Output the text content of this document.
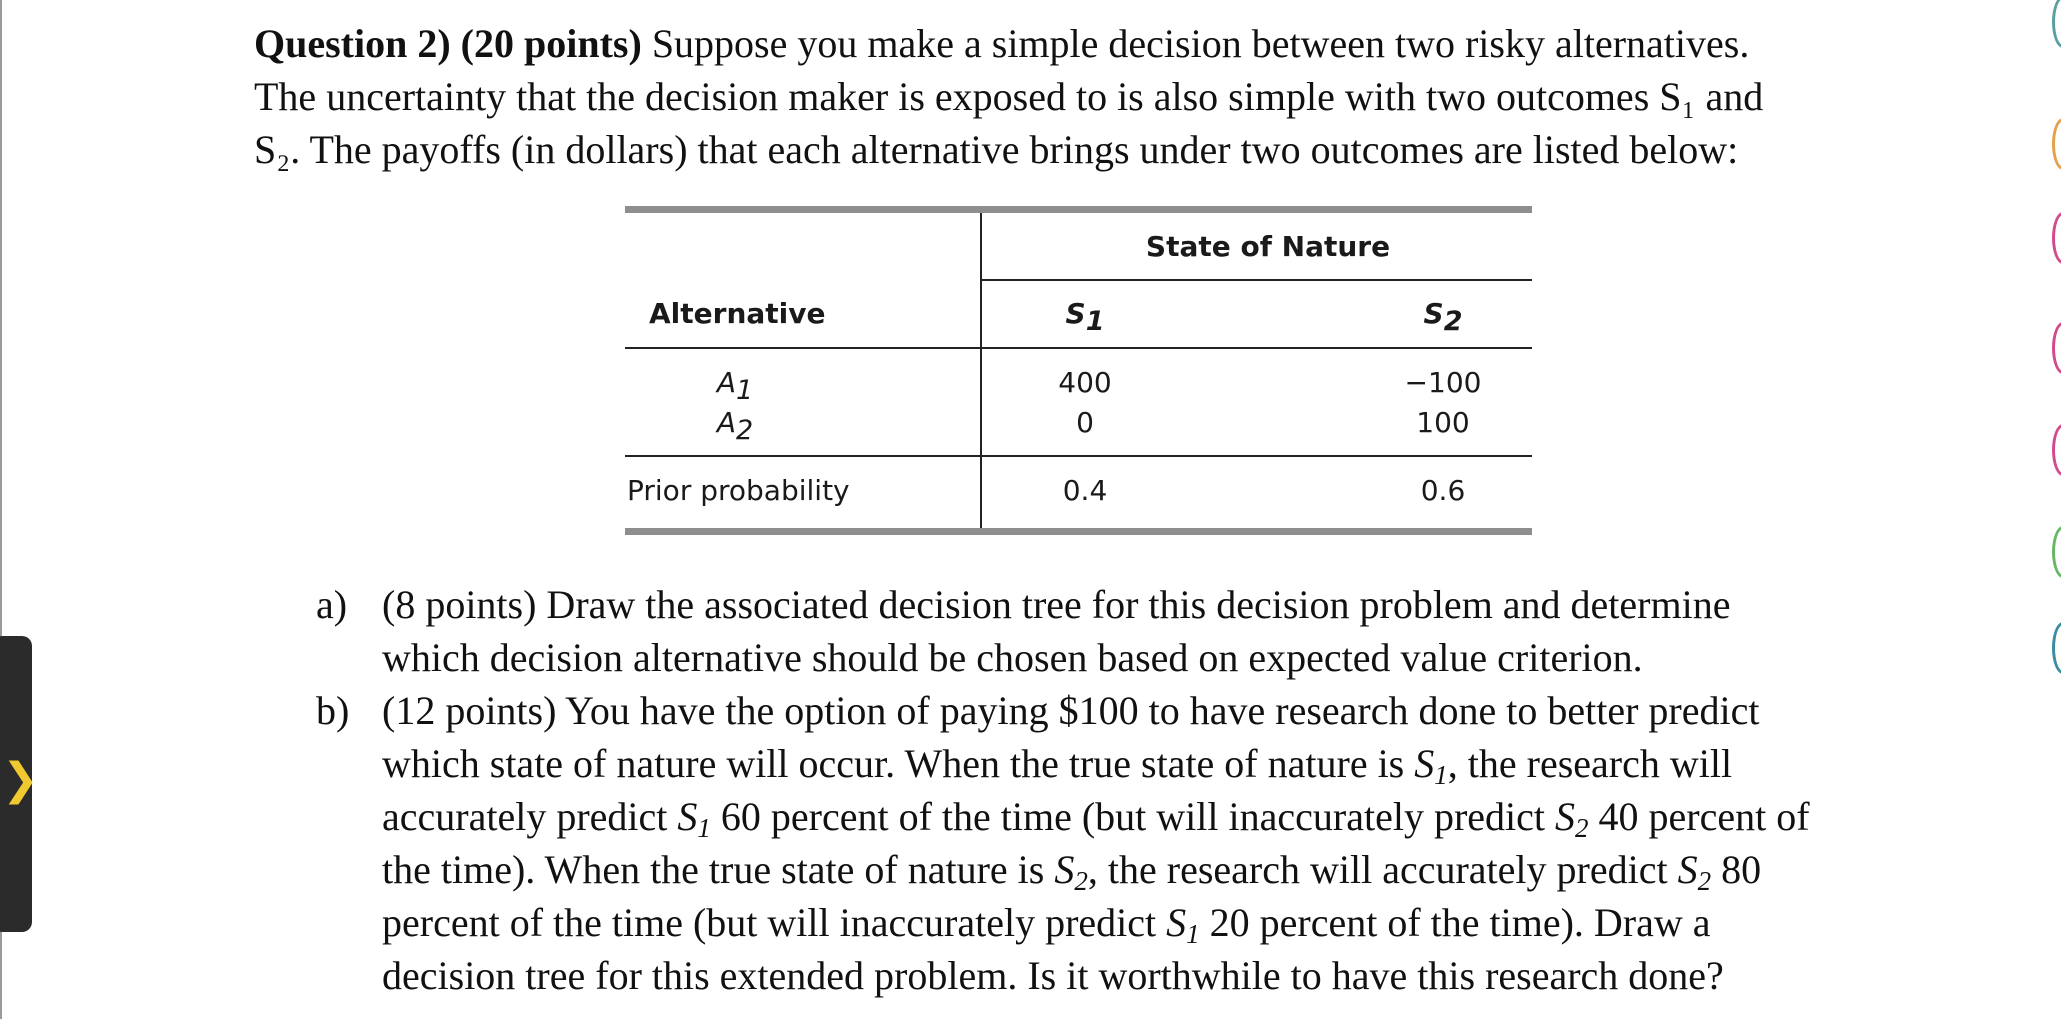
❯
Question 2) (20 points) Suppose you make a simple decision between two risky alternatives.
The uncertainty that the decision maker is exposed to is also simple with two outcomes S₁ and
S₂. The payoffs (in dollars) that each alternative brings under two outcomes are listed below:
State of Nature
Alternative	S1	S2
A1	400	−100
A2	0	100
Prior probability	0.4	0.6
a) (8 points) Draw the associated decision tree for this decision problem and determine
which decision alternative should be chosen based on expected value criterion.
b) (12 points) You have the option of paying $100 to have research done to better predict
which state of nature will occur. When the true state of nature is $S_1$, the research will
accurately predict $S_1$ 60 percent of the time (but will inaccurately predict $S_2$ 40 percent of
the time). When the true state of nature is $S_2$, the research will accurately predict $S_2$ 80
percent of the time (but will inaccurately predict $S_1$ 20 percent of the time). Draw a
decision tree for this extended problem. Is it worthwhile to have this research done?
